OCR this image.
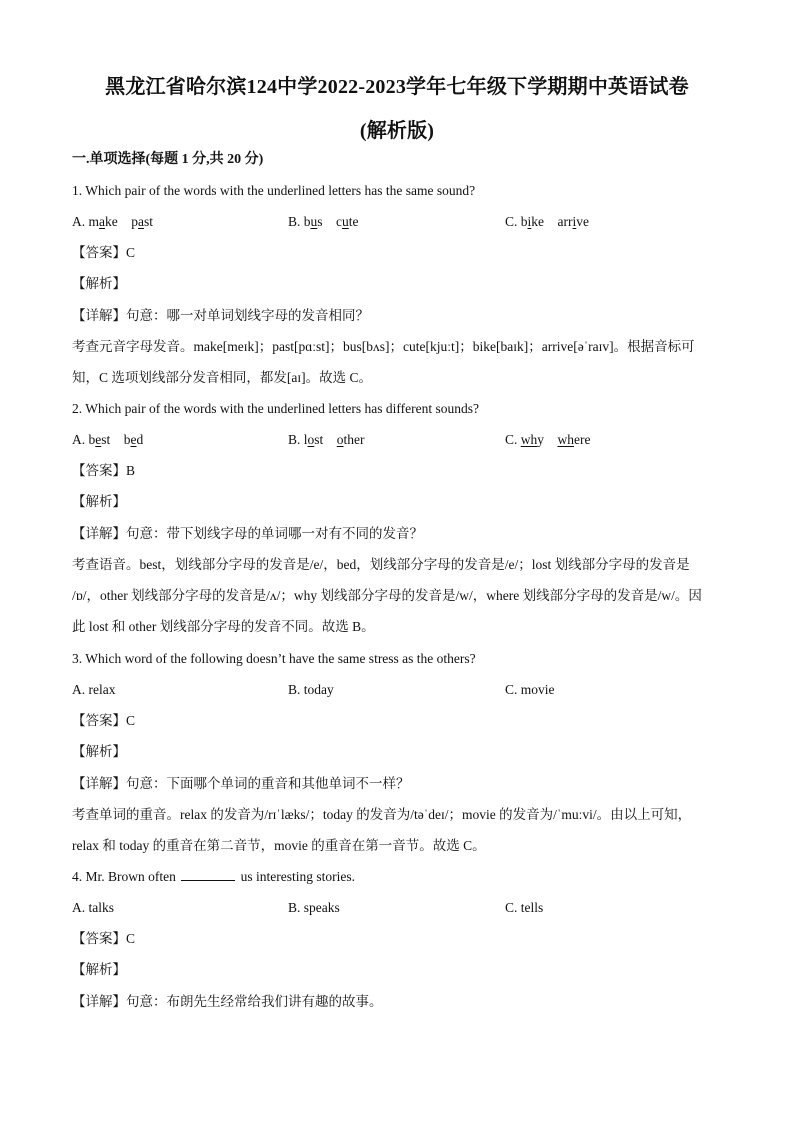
黑龙江省哈尔滨124中学2022-2023学年七年级下学期期中英语试卷
(解析版)
一.单项选择(每题 1 分,共 20 分)
1. Which pair of the words with the underlined letters has the same sound?
A. make    past	B. bus    cute	C. bike    arrive
【答案】C
【解析】
【详解】句意：哪一对单词划线字母的发音相同？
考查元音字母发音。make[meɪk]；past[pɑːst]；bus[bʌs]；cute[kjuːt]；bike[baɪk]；arrive[əˈraɪv]。根据音标可
知，C 选项划线部分发音相同，都发[aɪ]。故选 C。
2. Which pair of the words with the underlined letters has different sounds?
A. best    bed	B. lost    other	C. why    where
【答案】B
【解析】
【详解】句意：带下划线字母的单词哪一对有不同的发音？
考查语音。best，划线部分字母的发音是/e/，bed，划线部分字母的发音是/e/；lost 划线部分字母的发音是
/ɒ/，other 划线部分字母的发音是/ʌ/；why 划线部分字母的发音是/w/，where 划线部分字母的发音是/w/。因
此 lost 和 other 划线部分字母的发音不同。故选 B。
3. Which word of the following doesn’t have the same stress as the others?
A. relax	B. today	C. movie
【答案】C
【解析】
【详解】句意：下面哪个单词的重音和其他单词不一样？
考查单词的重音。relax 的发音为/rɪˈlæks/；today 的发音为/təˈdeɪ/；movie 的发音为/ˈmuːvi/。由以上可知，
relax 和 today 的重音在第二音节，movie 的重音在第一音节。故选 C。
4. Mr. Brown often	us interesting stories.
A. talks	B. speaks	C. tells
【答案】C
【解析】
【详解】句意：布朗先生经常给我们讲有趣的故事。
